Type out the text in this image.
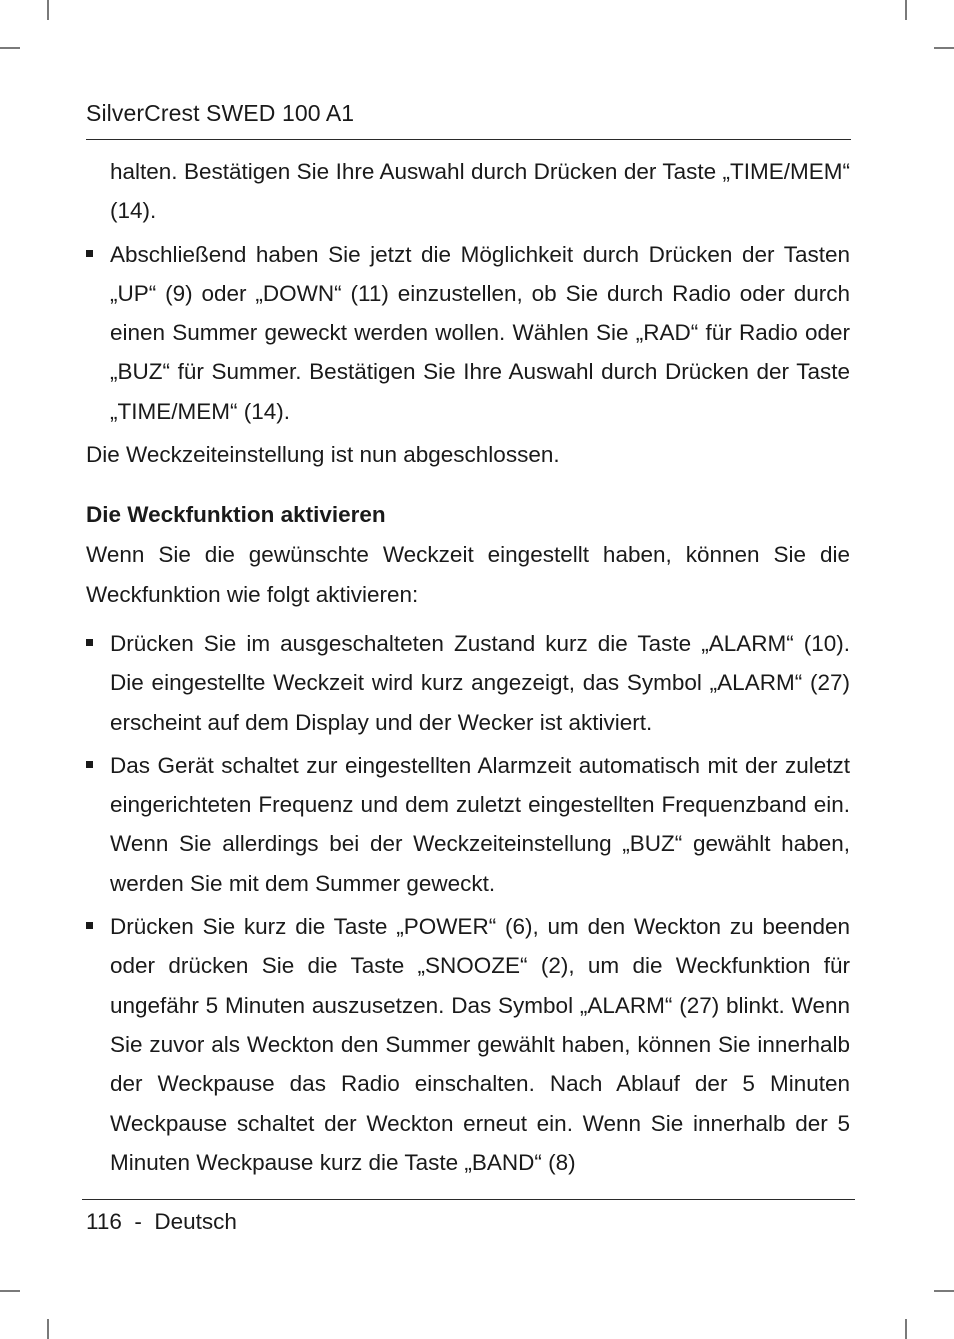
SilverCrest SWED 100 A1

halten. Bestätigen Sie Ihre Auswahl durch Drücken der Taste „TIME/MEM“ (14).

Abschließend haben Sie jetzt die Möglichkeit durch Drücken der Tasten „UP“ (9) oder „DOWN“ (11) einzustellen, ob Sie durch Radio oder durch einen Summer geweckt werden wollen. Wählen Sie „RAD“ für Radio oder „BUZ“ für Summer. Bestätigen Sie Ihre Auswahl durch Drücken der Taste „TIME/MEM“ (14).

Die Weckzeiteinstellung ist nun abgeschlossen.

Die Weckfunktion aktivieren

Wenn Sie die gewünschte Weckzeit eingestellt haben, können Sie die Weckfunktion wie folgt aktivieren:

Drücken Sie im ausgeschalteten Zustand kurz die Taste „ALARM“ (10). Die eingestellte Weckzeit wird kurz angezeigt, das Symbol „ALARM“ (27) erscheint auf dem Display und der Wecker ist aktiviert.
Das Gerät schaltet zur eingestellten Alarmzeit automatisch mit der zuletzt eingerichteten Frequenz und dem zuletzt eingestellten Frequenzband ein. Wenn Sie allerdings bei der Weckzeiteinstellung „BUZ“ gewählt haben, werden Sie mit dem Summer geweckt.
Drücken Sie kurz die Taste „POWER“ (6), um den Weckton zu beenden oder drücken Sie die Taste „SNOOZE“ (2), um die Weckfunktion für ungefähr 5 Minuten auszusetzen. Das Symbol „ALARM“ (27) blinkt. Wenn Sie zuvor als Weckton den Summer gewählt haben, können Sie innerhalb der Weckpause das Radio einschalten. Nach Ablauf der 5 Minuten Weckpause schaltet der Weckton erneut ein. Wenn Sie innerhalb der 5 Minuten Weckpause kurz die Taste „BAND“ (8)
116 - Deutsch
